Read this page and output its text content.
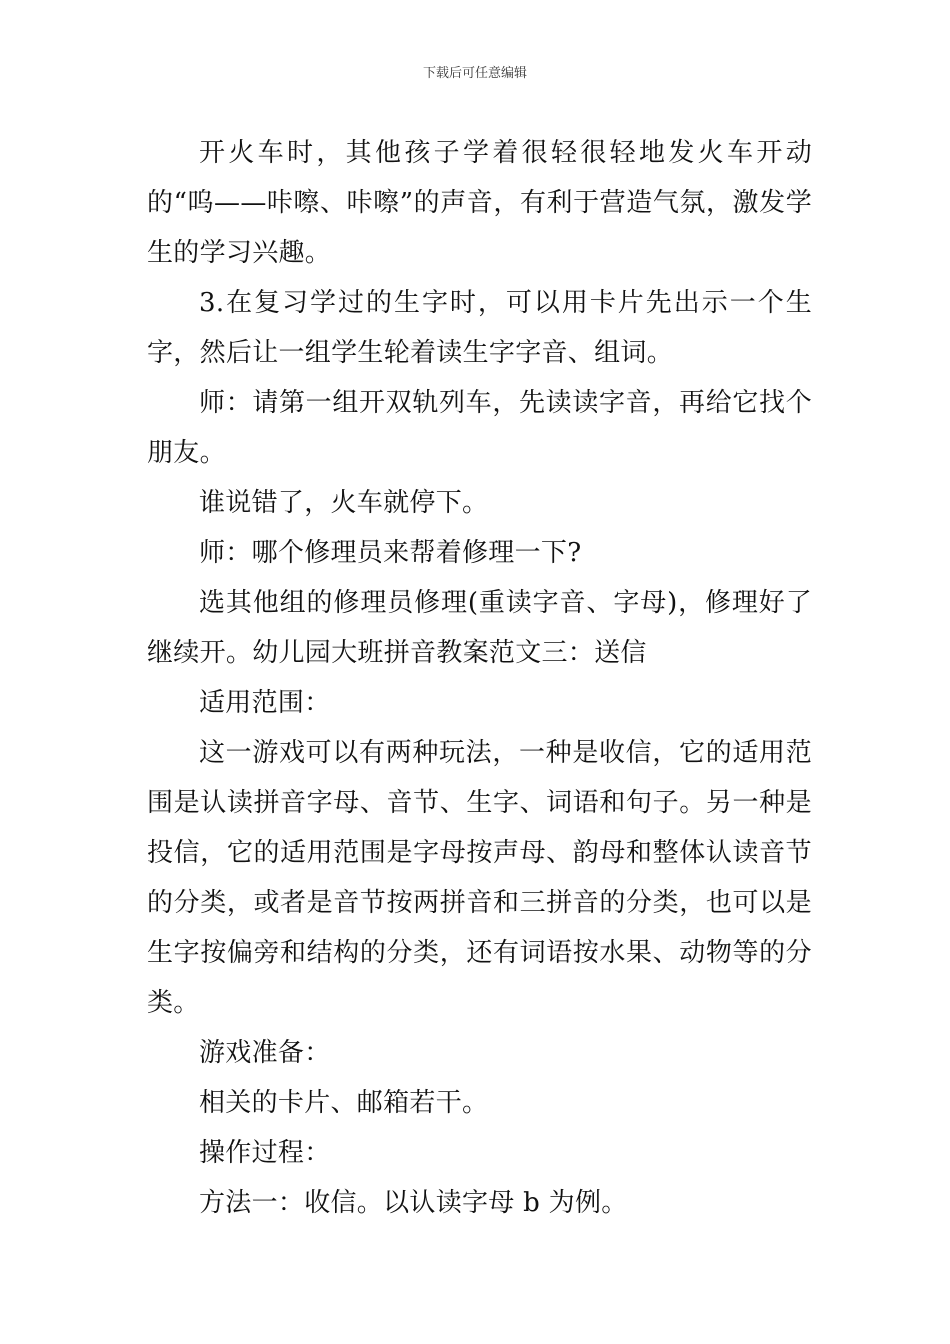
下载后可任意编辑

开火车时，其他孩子学着很轻很轻地发火车开动的“呜——咔嚓、咔嚓”的声音，有利于营造气氛，激发学生的学习兴趣。

3.在复习学过的生字时，可以用卡片先出示一个生字，然后让一组学生轮着读生字字音、组词。

师：请第一组开双轨列车，先读读字音，再给它找个朋友。

谁说错了，火车就停下。

师：哪个修理员来帮着修理一下?

选其他组的修理员修理(重读字音、字母)，修理好了继续开。幼儿园大班拼音教案范文三：送信

适用范围：

这一游戏可以有两种玩法，一种是收信，它的适用范围是认读拼音字母、音节、生字、词语和句子。另一种是投信，它的适用范围是字母按声母、韵母和整体认读音节的分类，或者是音节按两拼音和三拼音的分类，也可以是生字按偏旁和结构的分类，还有词语按水果、动物等的分类。

游戏准备：

相关的卡片、邮箱若干。

操作过程：

方法一：收信。以认读字母 b 为例。
